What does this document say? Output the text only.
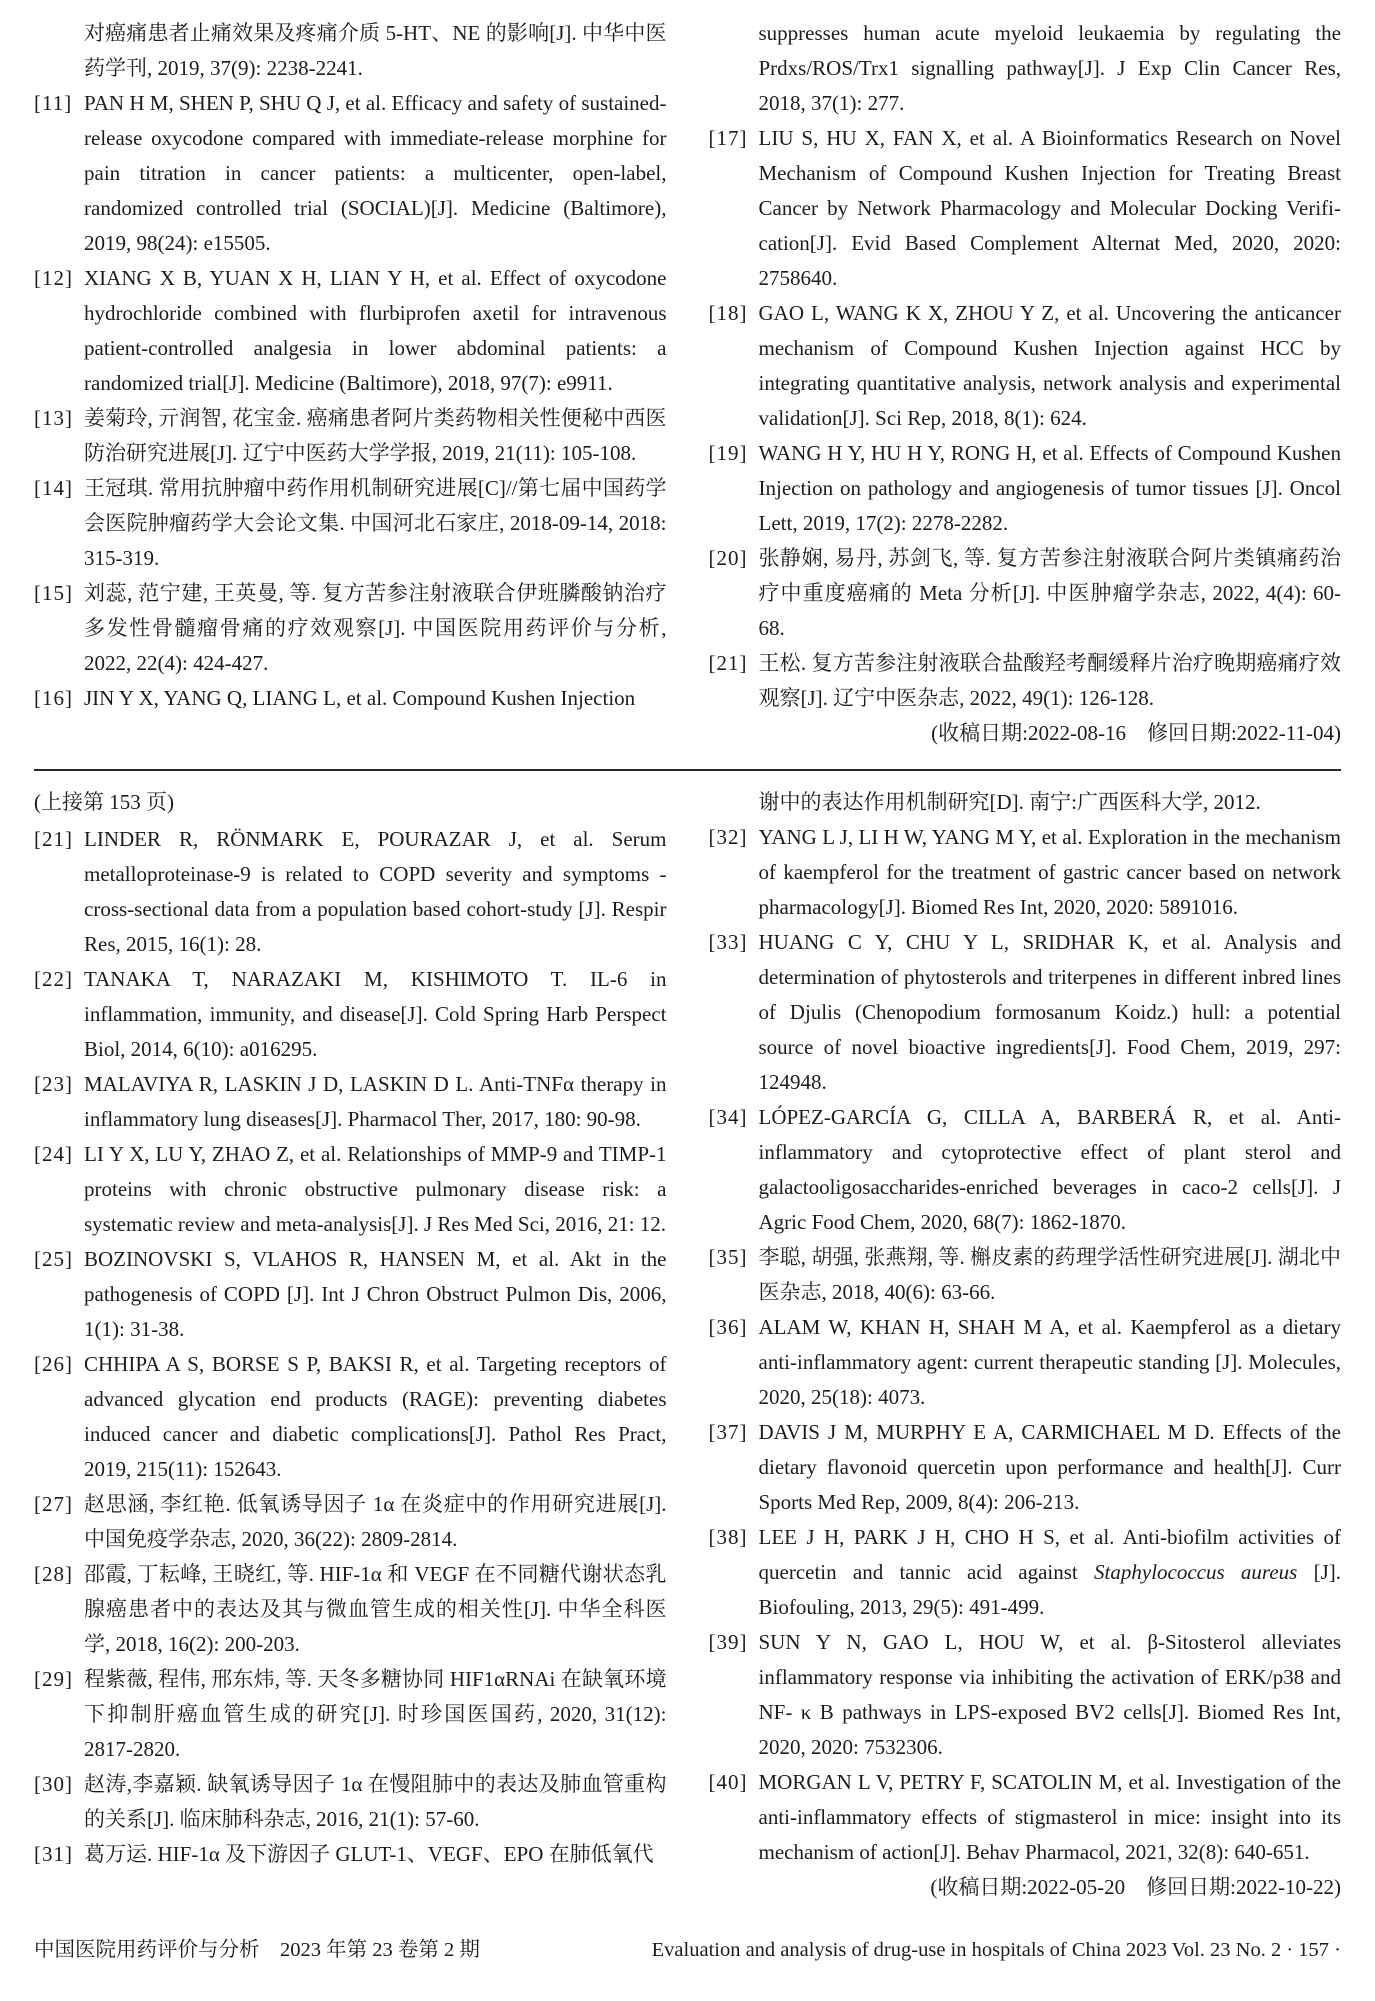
对癌痛患者止痛效果及疼痛介质 5-HT、NE 的影响[J]. 中华中医药学刊, 2019, 37(9): 2238-2241.
[11] PAN H M, SHEN P, SHU Q J, et al. Efficacy and safety of sustained-release oxycodone compared with immediate-release morphine for pain titration in cancer patients: a multicenter, open-label, randomized controlled trial (SOCIAL)[J]. Medicine (Baltimore), 2019, 98(24): e15505.
[12] XIANG X B, YUAN X H, LIAN Y H, et al. Effect of oxycodone hydrochloride combined with flurbiprofen axetil for intravenous patient-controlled analgesia in lower abdominal patients: a randomized trial[J]. Medicine (Baltimore), 2018, 97(7): e9911.
[13] 姜菊玲, 亓润智, 花宝金. 癌痛患者阿片类药物相关性便秘中西医防治研究进展[J]. 辽宁中医药大学学报, 2019, 21(11): 105-108.
[14] 王冠琪. 常用抗肿瘤中药作用机制研究进展[C]//第七届中国药学会医院肿瘤药学大会论文集. 中国河北石家庄, 2018-09-14, 2018: 315-319.
[15] 刘蕊, 范宁建, 王英曼, 等. 复方苦参注射液联合伊班膦酸钠治疗多发性骨髓瘤骨痛的疗效观察[J]. 中国医院用药评价与分析, 2022, 22(4): 424-427.
[16] JIN Y X, YANG Q, LIANG L, et al. Compound Kushen Injection
suppresses human acute myeloid leukaemia by regulating the Prdxs/ROS/Trx1 signalling pathway[J]. J Exp Clin Cancer Res, 2018, 37(1): 277.
[17] LIU S, HU X, FAN X, et al. A Bioinformatics Research on Novel Mechanism of Compound Kushen Injection for Treating Breast Cancer by Network Pharmacology and Molecular Docking Verifi-cation[J]. Evid Based Complement Alternat Med, 2020, 2020: 2758640.
[18] GAO L, WANG K X, ZHOU Y Z, et al. Uncovering the anticancer mechanism of Compound Kushen Injection against HCC by integrating quantitative analysis, network analysis and experimental validation[J]. Sci Rep, 2018, 8(1): 624.
[19] WANG H Y, HU H Y, RONG H, et al. Effects of Compound Kushen Injection on pathology and angiogenesis of tumor tissues [J]. Oncol Lett, 2019, 17(2): 2278-2282.
[20] 张静娴, 易丹, 苏剑飞, 等. 复方苦参注射液联合阿片类镇痛药治疗中重度癌痛的 Meta 分析[J]. 中医肿瘤学杂志, 2022, 4(4): 60-68.
[21] 王松. 复方苦参注射液联合盐酸羟考酮缓释片治疗晚期癌痛疗效观察[J]. 辽宁中医杂志, 2022, 49(1): 126-128.
(收稿日期:2022-08-16　修回日期:2022-11-04)
(上接第 153 页)
[21] LINDER R, RÖNMARK E, POURAZAR J, et al. Serum metalloproteinase-9 is related to COPD severity and symptoms - cross-sectional data from a population based cohort-study [J]. Respir Res, 2015, 16(1): 28.
[22] TANAKA T, NARAZAKI M, KISHIMOTO T. IL-6 in inflammation, immunity, and disease[J]. Cold Spring Harb Perspect Biol, 2014, 6(10): a016295.
[23] MALAVIYA R, LASKIN J D, LASKIN D L. Anti-TNFα therapy in inflammatory lung diseases[J]. Pharmacol Ther, 2017, 180: 90-98.
[24] LI Y X, LU Y, ZHAO Z, et al. Relationships of MMP-9 and TIMP-1 proteins with chronic obstructive pulmonary disease risk: a systematic review and meta-analysis[J]. J Res Med Sci, 2016, 21: 12.
[25] BOZINOVSKI S, VLAHOS R, HANSEN M, et al. Akt in the pathogenesis of COPD [J]. Int J Chron Obstruct Pulmon Dis, 2006, 1(1): 31-38.
[26] CHHIPA A S, BORSE S P, BAKSI R, et al. Targeting receptors of advanced glycation end products (RAGE): preventing diabetes induced cancer and diabetic complications[J]. Pathol Res Pract, 2019, 215(11): 152643.
[27] 赵思涵, 李红艳. 低氧诱导因子 1α 在炎症中的作用研究进展[J]. 中国免疫学杂志, 2020, 36(22): 2809-2814.
[28] 邵霞, 丁耘峰, 王晓红, 等. HIF-1α 和 VEGF 在不同糖代谢状态乳腺癌患者中的表达及其与微血管生成的相关性[J]. 中华全科医学, 2018, 16(2): 200-203.
[29] 程紫薇, 程伟, 邢东炜, 等. 天冬多糖协同 HIF1αRNAi 在缺氧环境下抑制肝癌血管生成的研究[J]. 时珍国医国药, 2020, 31(12): 2817-2820.
[30] 赵涛,李嘉颖. 缺氧诱导因子 1α 在慢阻肺中的表达及肺血管重构的关系[J]. 临床肺科杂志, 2016, 21(1): 57-60.
[31] 葛万运. HIF-1α 及下游因子 GLUT-1、VEGF、EPO 在肺低氧代
谢中的表达作用机制研究[D]. 南宁:广西医科大学, 2012.
[32] YANG L J, LI H W, YANG M Y, et al. Exploration in the mechanism of kaempferol for the treatment of gastric cancer based on network pharmacology[J]. Biomed Res Int, 2020, 2020: 5891016.
[33] HUANG C Y, CHU Y L, SRIDHAR K, et al. Analysis and determination of phytosterols and triterpenes in different inbred lines of Djulis (Chenopodium formosanum Koidz.) hull: a potential source of novel bioactive ingredients[J]. Food Chem, 2019, 297: 124948.
[34] LÓPEZ-GARCÍA G, CILLA A, BARBERÁ R, et al. Anti-inflammatory and cytoprotective effect of plant sterol and galactooligosaccharides-enriched beverages in caco-2 cells[J]. J Agric Food Chem, 2020, 68(7): 1862-1870.
[35] 李聪, 胡强, 张燕翔, 等. 槲皮素的药理学活性研究进展[J]. 湖北中医杂志, 2018, 40(6): 63-66.
[36] ALAM W, KHAN H, SHAH M A, et al. Kaempferol as a dietary anti-inflammatory agent: current therapeutic standing [J]. Molecules, 2020, 25(18): 4073.
[37] DAVIS J M, MURPHY E A, CARMICHAEL M D. Effects of the dietary flavonoid quercetin upon performance and health[J]. Curr Sports Med Rep, 2009, 8(4): 206-213.
[38] LEE J H, PARK J H, CHO H S, et al. Anti-biofilm activities of quercetin and tannic acid against Staphylococcus aureus [J]. Biofouling, 2013, 29(5): 491-499.
[39] SUN Y N, GAO L, HOU W, et al. β-Sitosterol alleviates inflammatory response via inhibiting the activation of ERK/p38 and NF- κ B pathways in LPS-exposed BV2 cells[J]. Biomed Res Int, 2020, 2020: 7532306.
[40] MORGAN L V, PETRY F, SCATOLIN M, et al. Investigation of the anti-inflammatory effects of stigmasterol in mice: insight into its mechanism of action[J]. Behav Pharmacol, 2021, 32(8): 640-651.
(收稿日期:2022-05-20　修回日期:2022-10-22)
中国医院用药评价与分析　2023 年第 23 卷第 2 期	Evaluation and analysis of drug-use in hospitals of China 2023 Vol. 23 No. 2 · 157 ·
